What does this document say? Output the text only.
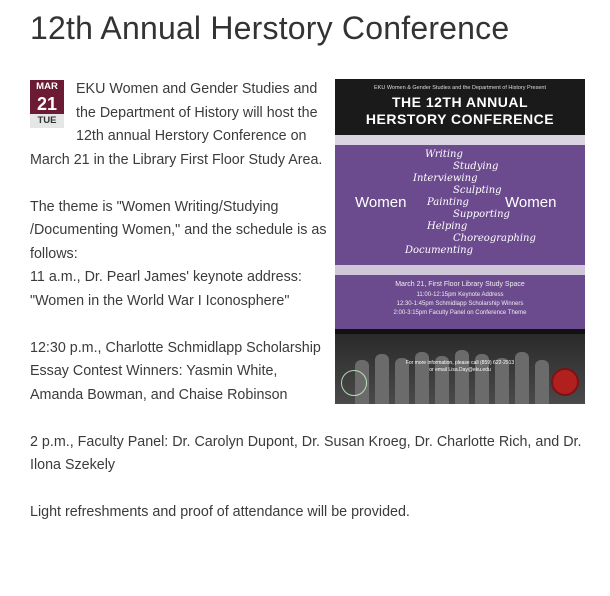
12th Annual Herstory Conference
MAR
21
TUE

EKU Women and Gender Studies and the Department of History will host the 12th annual Herstory Conference on March 21 in the Library First Floor Study Area.

The theme is "Women Writing/Studying /Documenting Women," and the schedule is as follows:

11 a.m., Dr. Pearl James' keynote address: "Women in the World War I Iconosphere"

12:30 p.m., Charlotte Schmidlapp Scholarship Essay Contest Winners: Yasmin White, Amanda Bowman, and Chaise Robinson

2 p.m., Faculty Panel: Dr. Carolyn Dupont, Dr. Susan Kroeg, Dr. Charlotte Rich, and Dr. Ilona Szekely

Light refreshments and proof of attendance will be provided.

EKU Women & Gender Studies and the Department of History Present
THE 12TH ANNUAL
HERSTORY CONFERENCE
Writing
Studying
Interviewing
Sculpting
Painting
Supporting
Helping
Choreographing
Documenting
Women	Women
March 21, First Floor Library Study Space
11:00-12:15pm Keynote Address
12:30-1:45pm Schmidlapp Scholarship Winners
2:00-3:15pm Faculty Panel on Conference Theme
For more information, please call (859) 622-2913
or email Lisa.Day@eku.edu
